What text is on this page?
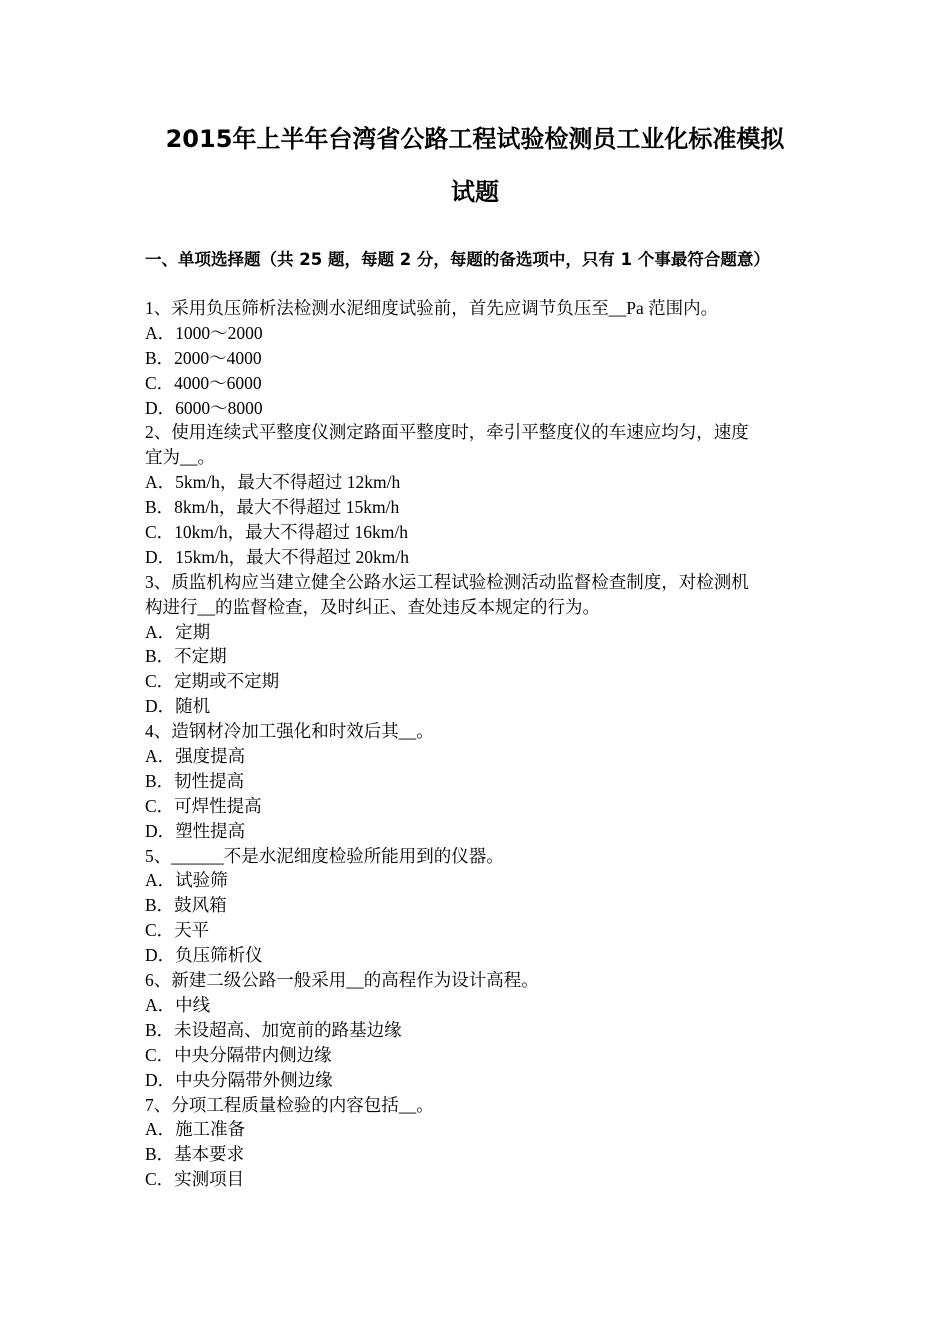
2015年上半年台湾省公路工程试验检测员工业化标准模拟
试题
一、单项选择题（共 25 题，每题 2 分，每题的备选项中，只有 1 个事最符合题意）
1、采用负压筛析法检测水泥细度试验前，首先应调节负压至__Pa 范围内。
A．1000～2000
B．2000～4000
C．4000～6000
D．6000～8000
2、使用连续式平整度仪测定路面平整度时，牵引平整度仪的车速应均匀，速度
宜为__。
A．5km/h，最大不得超过 12km/h
B．8km/h，最大不得超过 15km/h
C．10km/h，最大不得超过 16km/h
D．15km/h，最大不得超过 20km/h
3、质监机构应当建立健全公路水运工程试验检测活动监督检查制度，对检测机
构进行__的监督检查，及时纠正、查处违反本规定的行为。
A．定期
B．不定期
C．定期或不定期
D．随机
4、造钢材冷加工强化和时效后其__。
A．强度提高
B．韧性提高
C．可焊性提高
D．塑性提高
5、______不是水泥细度检验所能用到的仪器。
A．试验筛
B．鼓风箱
C．天平
D．负压筛析仪
6、新建二级公路一般采用__的高程作为设计高程。
A．中线
B．未设超高、加宽前的路基边缘
C．中央分隔带内侧边缘
D．中央分隔带外侧边缘
7、分项工程质量检验的内容包括__。
A．施工准备
B．基本要求
C．实测项目
